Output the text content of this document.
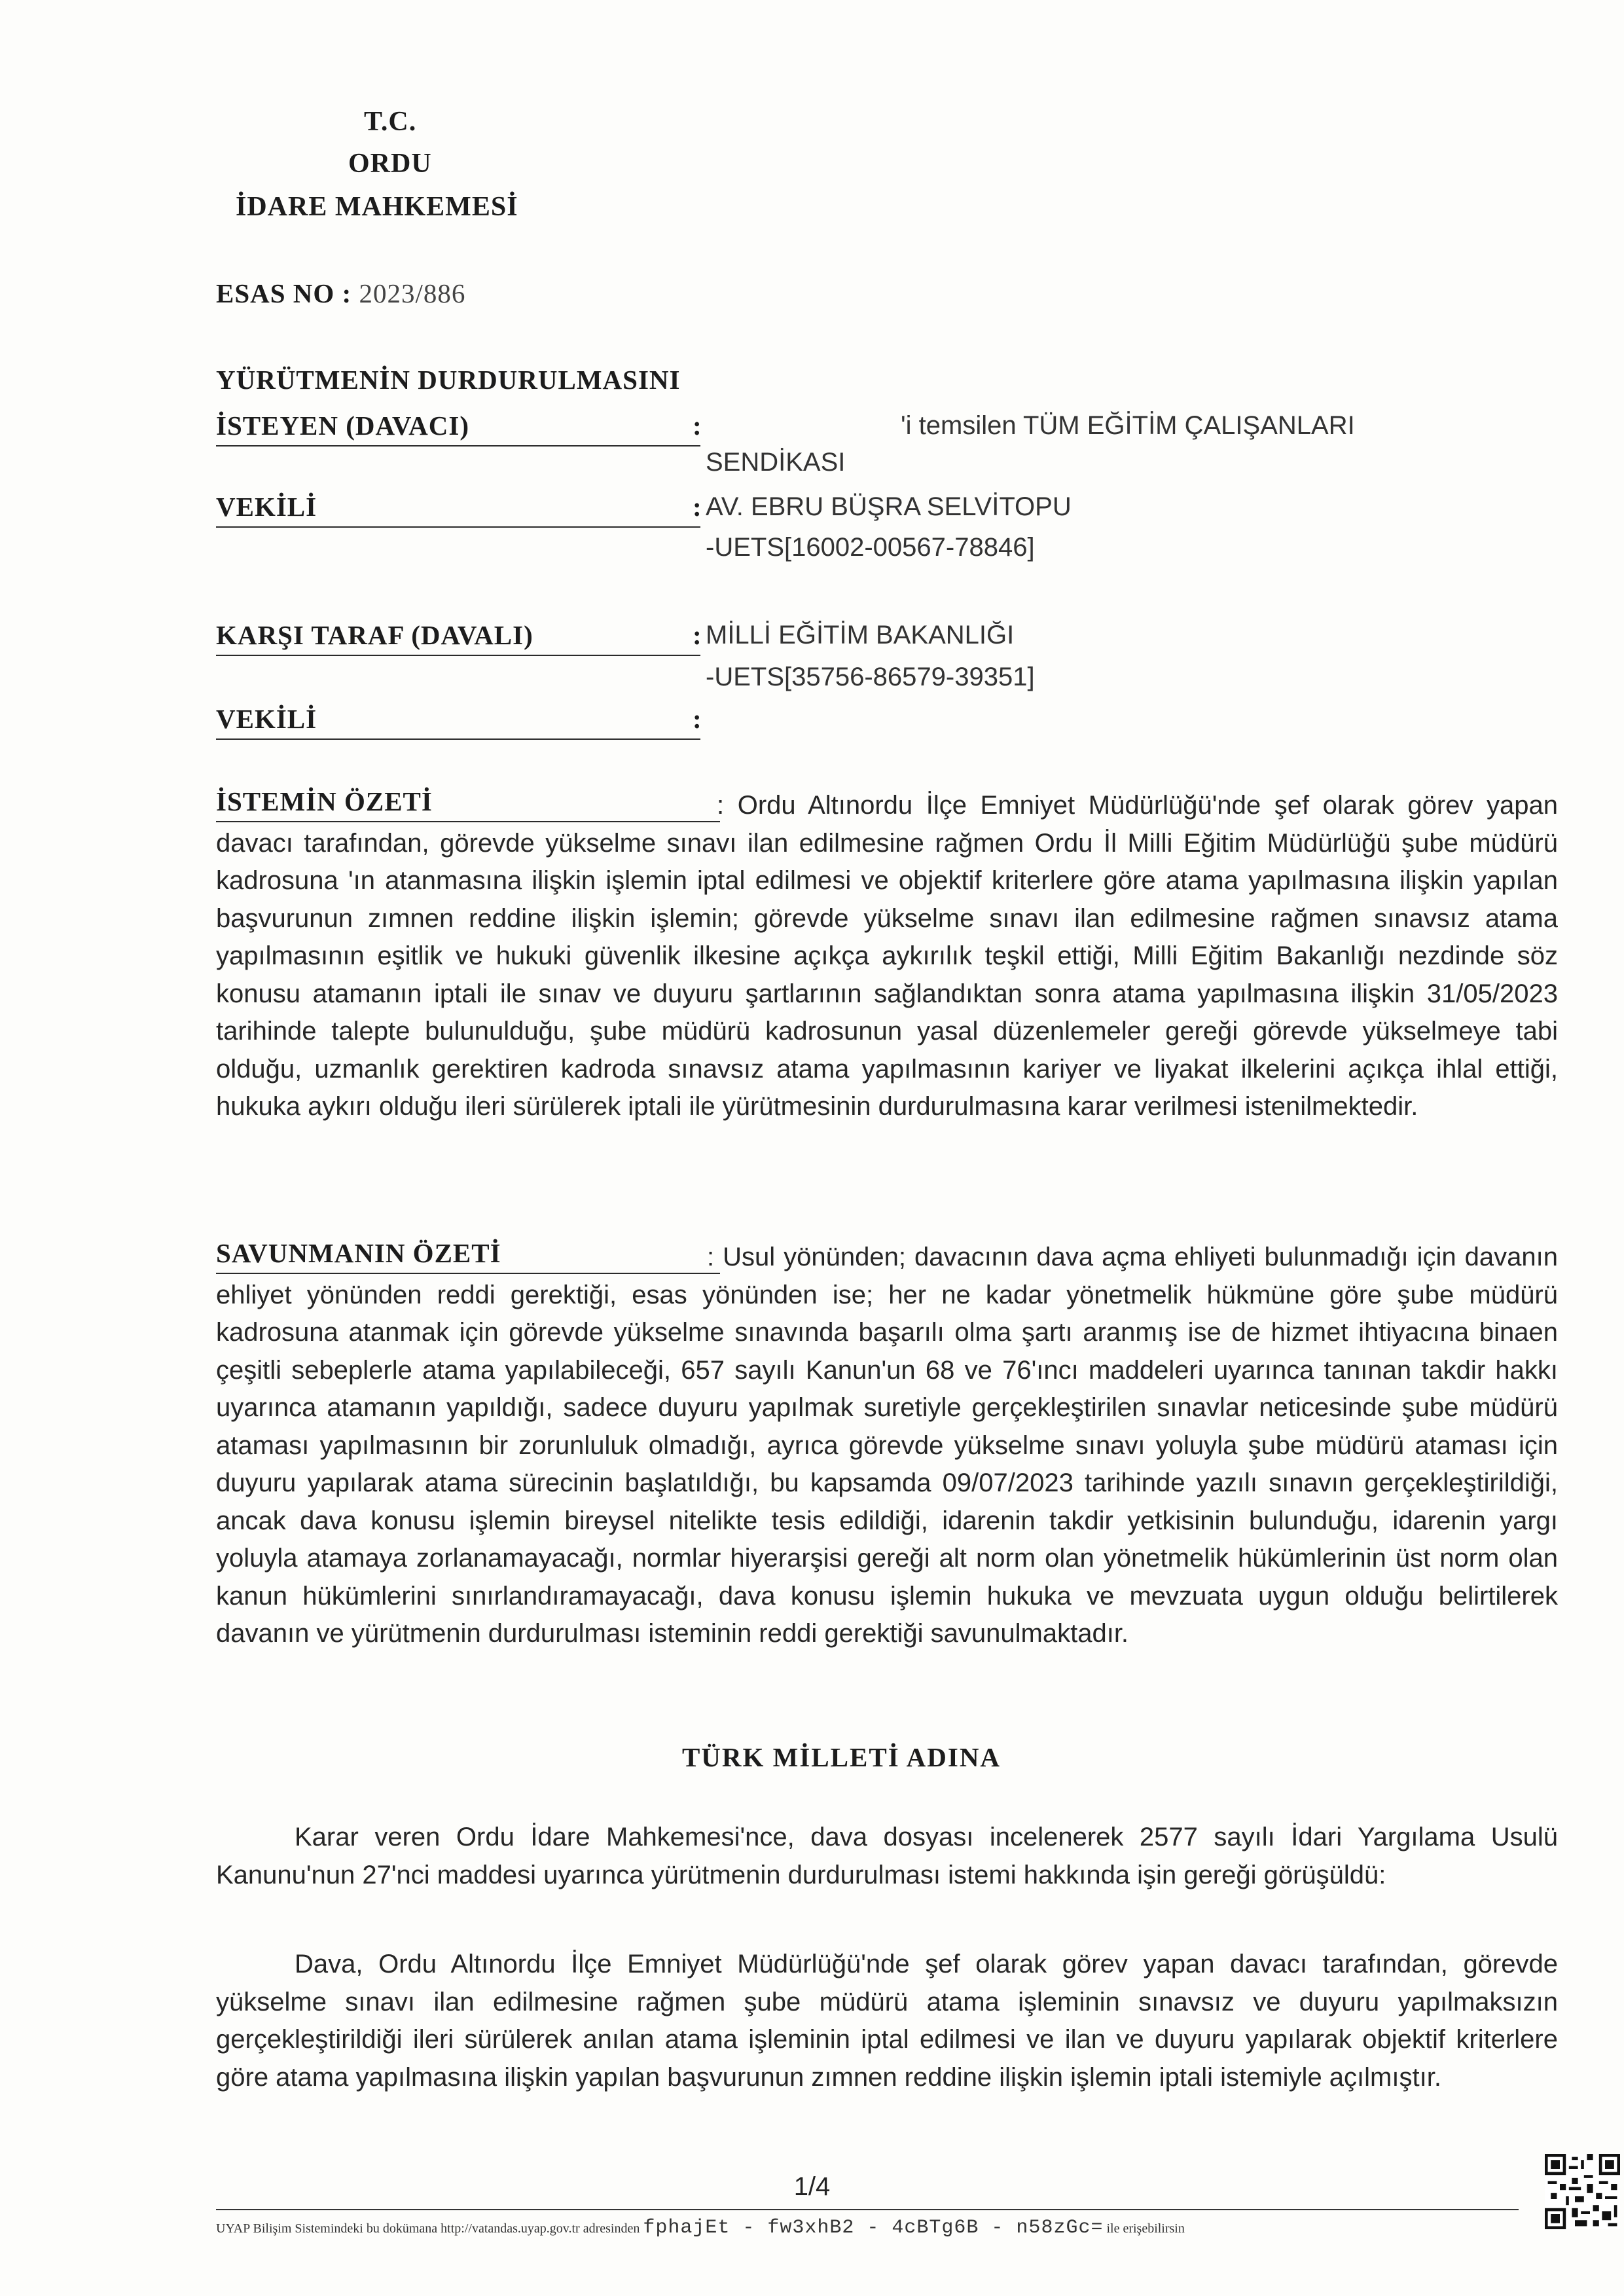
T.C.
ORDU
İDARE MAHKEMESİ
ESAS NO : 2023/886
YÜRÜTMENİN DURDURULMASINI
İSTEYEN (DAVACI)	:	'i temsilen TÜM EĞİTİM ÇALIŞANLARI
SENDİKASI
VEKİLİ	: AV. EBRU BÜŞRA SELVİTOPU
-UETS[16002-00567-78846]
KARŞI TARAF (DAVALI)	: MİLLİ EĞİTİM BAKANLIĞI
-UETS[35756-86579-39351]
VEKİLİ	:
İSTEMİN ÖZETİ	: Ordu Altınordu İlçe Emniyet Müdürlüğü'nde şef olarak görev yapan davacı tarafından, görevde yükselme sınavı ilan edilmesine rağmen Ordu İl Milli Eğitim Müdürlüğü şube müdürü kadrosuna 'ın atanmasına ilişkin işlemin iptal edilmesi ve objektif kriterlere göre atama yapılmasına ilişkin yapılan başvurunun zımnen reddine ilişkin işlemin; görevde yükselme sınavı ilan edilmesine rağmen sınavsız atama yapılmasının eşitlik ve hukuki güvenlik ilkesine açıkça aykırılık teşkil ettiği, Milli Eğitim Bakanlığı nezdinde söz konusu atamanın iptali ile sınav ve duyuru şartlarının sağlandıktan sonra atama yapılmasına ilişkin 31/05/2023 tarihinde talepte bulunulduğu, şube müdürü kadrosunun yasal düzenlemeler gereği görevde yükselmeye tabi olduğu, uzmanlık gerektiren kadroda sınavsız atama yapılmasının kariyer ve liyakat ilkelerini açıkça ihlal ettiği, hukuka aykırı olduğu ileri sürülerek iptali ile yürütmesinin durdurulmasına karar verilmesi istenilmektedir.
SAVUNMANIN ÖZETİ	: Usul yönünden; davacının dava açma ehliyeti bulunmadığı için davanın ehliyet yönünden reddi gerektiği, esas yönünden ise; her ne kadar yönetmelik hükmüne göre şube müdürü kadrosuna atanmak için görevde yükselme sınavında başarılı olma şartı aranmış ise de hizmet ihtiyacına binaen çeşitli sebeplerle atama yapılabileceği, 657 sayılı Kanun'un 68 ve 76'ıncı maddeleri uyarınca tanınan takdir hakkı uyarınca atamanın yapıldığı, sadece duyuru yapılmak suretiyle gerçekleştirilen sınavlar neticesinde şube müdürü ataması yapılmasının bir zorunluluk olmadığı, ayrıca görevde yükselme sınavı yoluyla şube müdürü ataması için duyuru yapılarak atama sürecinin başlatıldığı, bu kapsamda 09/07/2023 tarihinde yazılı sınavın gerçekleştirildiği, ancak dava konusu işlemin bireysel nitelikte tesis edildiği, idarenin takdir yetkisinin bulunduğu, idarenin yargı yoluyla atamaya zorlanamayacağı, normlar hiyerarşisi gereği alt norm olan yönetmelik hükümlerinin üst norm olan kanun hükümlerini sınırlandıramayacağı, dava konusu işlemin hukuka ve mevzuata uygun olduğu belirtilerek davanın ve yürütmenin durdurulması isteminin reddi gerektiği savunulmaktadır.
TÜRK MİLLETİ ADINA
Karar veren Ordu İdare Mahkemesi'nce, dava dosyası incelenerek 2577 sayılı İdari Yargılama Usulü Kanunu'nun 27'nci maddesi uyarınca yürütmenin durdurulması istemi hakkında işin gereği görüşüldü:
Dava, Ordu Altınordu İlçe Emniyet Müdürlüğü'nde şef olarak görev yapan davacı tarafından, görevde yükselme sınavı ilan edilmesine rağmen şube müdürü atama işleminin sınavsız ve duyuru yapılmaksızın gerçekleştirildiği ileri sürülerek anılan atama işleminin iptal edilmesi ve ilan ve duyuru yapılarak objektif kriterlere göre atama yapılmasına ilişkin yapılan başvurunun zımnen reddine ilişkin işlemin iptali istemiyle açılmıştır.
1/4
UYAP Bilişim Sistemindeki bu dokümana http://vatandas.uyap.gov.tr adresinden fphajEt - fw3xhB2 - 4cBTg6B - n58zGc= ile erişebilirsin
